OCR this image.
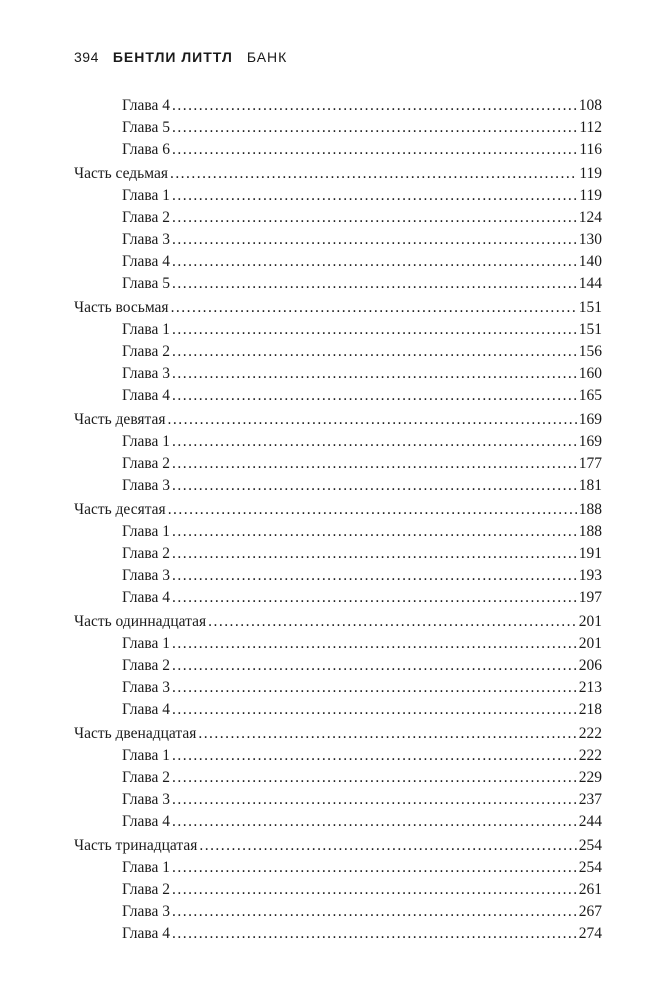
394 БЕНТЛИ ЛИТТЛ БАНК
Глава 4 . . .	108
Глава 5 . . .	112
Глава 6 . . .	116
Часть седьмая . . .	119
Глава 1 . . .	119
Глава 2 . . .	124
Глава 3 . . .	130
Глава 4 . . .	140
Глава 5 . . .	144
Часть восьмая . . .	151
Глава 1 . . .	151
Глава 2 . . .	156
Глава 3 . . .	160
Глава 4 . . .	165
Часть девятая . . .	169
Глава 1 . . .	169
Глава 2 . . .	177
Глава 3 . . .	181
Часть десятая . . .	188
Глава 1 . . .	188
Глава 2 . . .	191
Глава 3 . . .	193
Глава 4 . . .	197
Часть одиннадцатая . . .	201
Глава 1 . . .	201
Глава 2 . . .	206
Глава 3 . . .	213
Глава 4 . . .	218
Часть двенадцатая . . .	222
Глава 1 . . .	222
Глава 2 . . .	229
Глава 3 . . .	237
Глава 4 . . .	244
Часть тринадцатая . . .	254
Глава 1 . . .	254
Глава 2 . . .	261
Глава 3 . . .	267
Глава 4 . . .	274
